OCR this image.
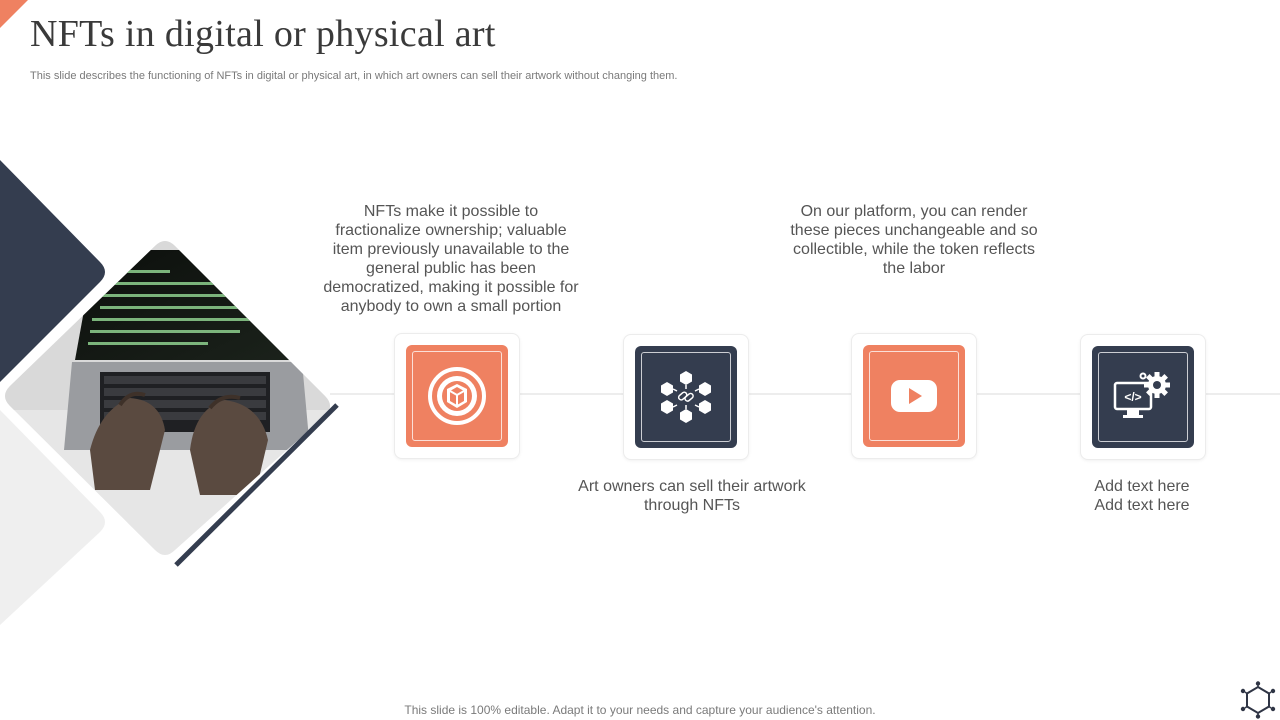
NFTs in digital or physical art

This slide describes the functioning of NFTs in digital or physical art, in which art owners can sell their artwork without changing them.

</>
NFTs make it possible to fractionalize ownership; valuable item previously unavailable to the general public has been democratized, making it possible for anybody to own a small portion
Art owners can sell their artwork through NFTs
On our platform, you can render these pieces unchangeable and so collectible, while the token reflects the labor
Add text here Add text here
This slide is 100% editable. Adapt it to your needs and capture your audience's attention.
